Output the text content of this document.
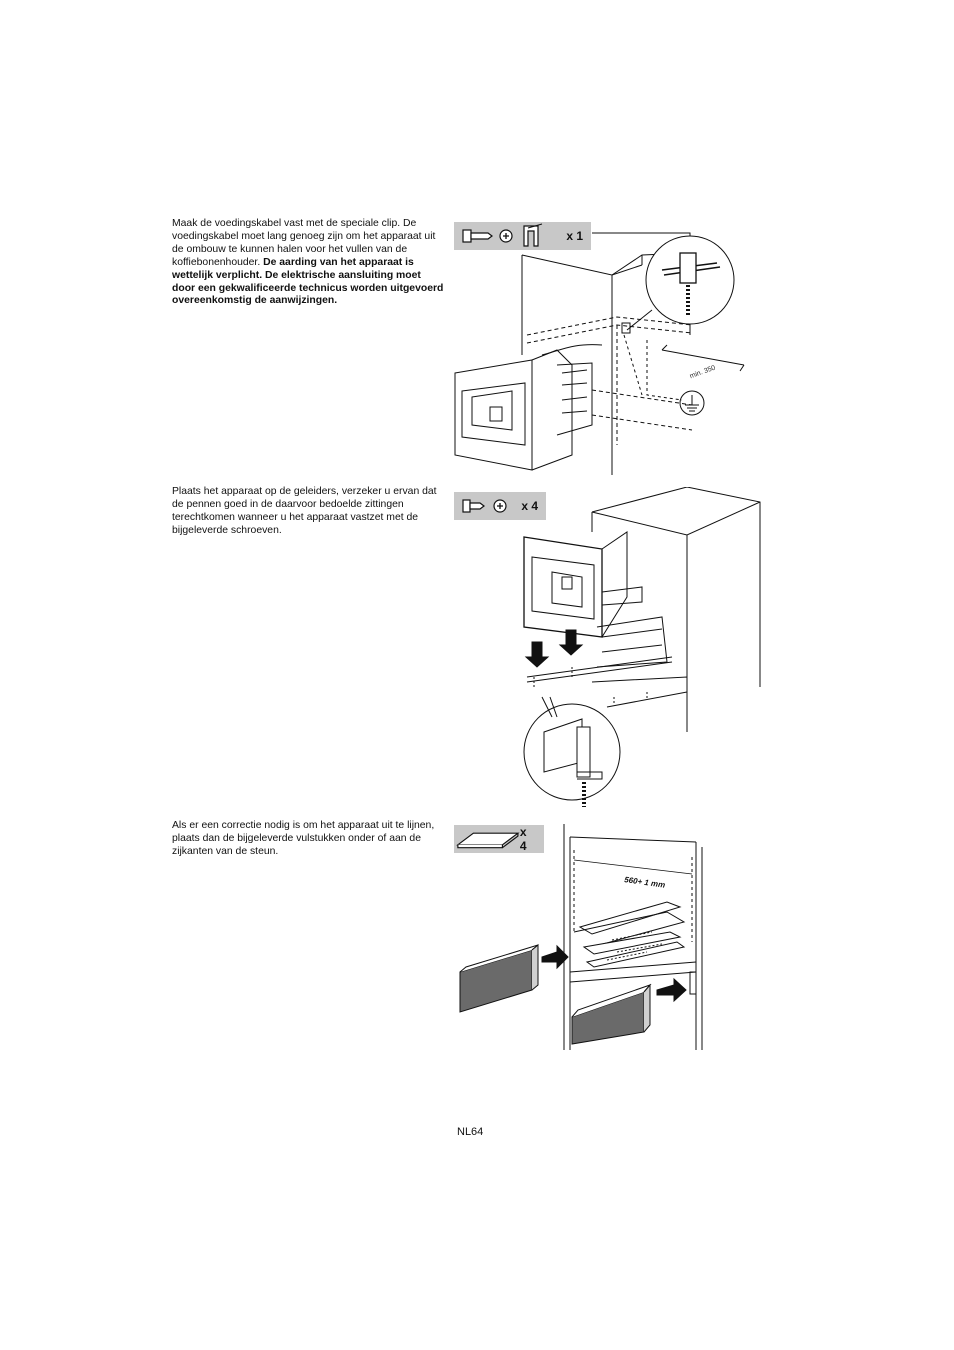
Maak de voedingskabel vast met de speciale clip. De voedingskabel moet lang genoeg zijn om het apparaat uit de ombouw te kunnen halen voor het vullen van de koffiebonenhouder. De aarding van het apparaat is wettelijk verplicht. De elektrische aansluiting moet door een gekwalificeerde technicus worden uitgevoerd overeenkomstig de aanwijzingen.
x 1
min. 350
Plaats het apparaat op de geleiders, verzeker u ervan dat de pennen goed in de daarvoor bedoelde zittingen terechtkomen wanneer u het apparaat vastzet met de bijgeleverde schroeven.
x 4
Als er een correctie nodig is om het apparaat uit te lijnen, plaats dan de bijgeleverde vulstukken onder of aan de zijkanten van de steun.
x 4
560+ 1 mm
NL64
